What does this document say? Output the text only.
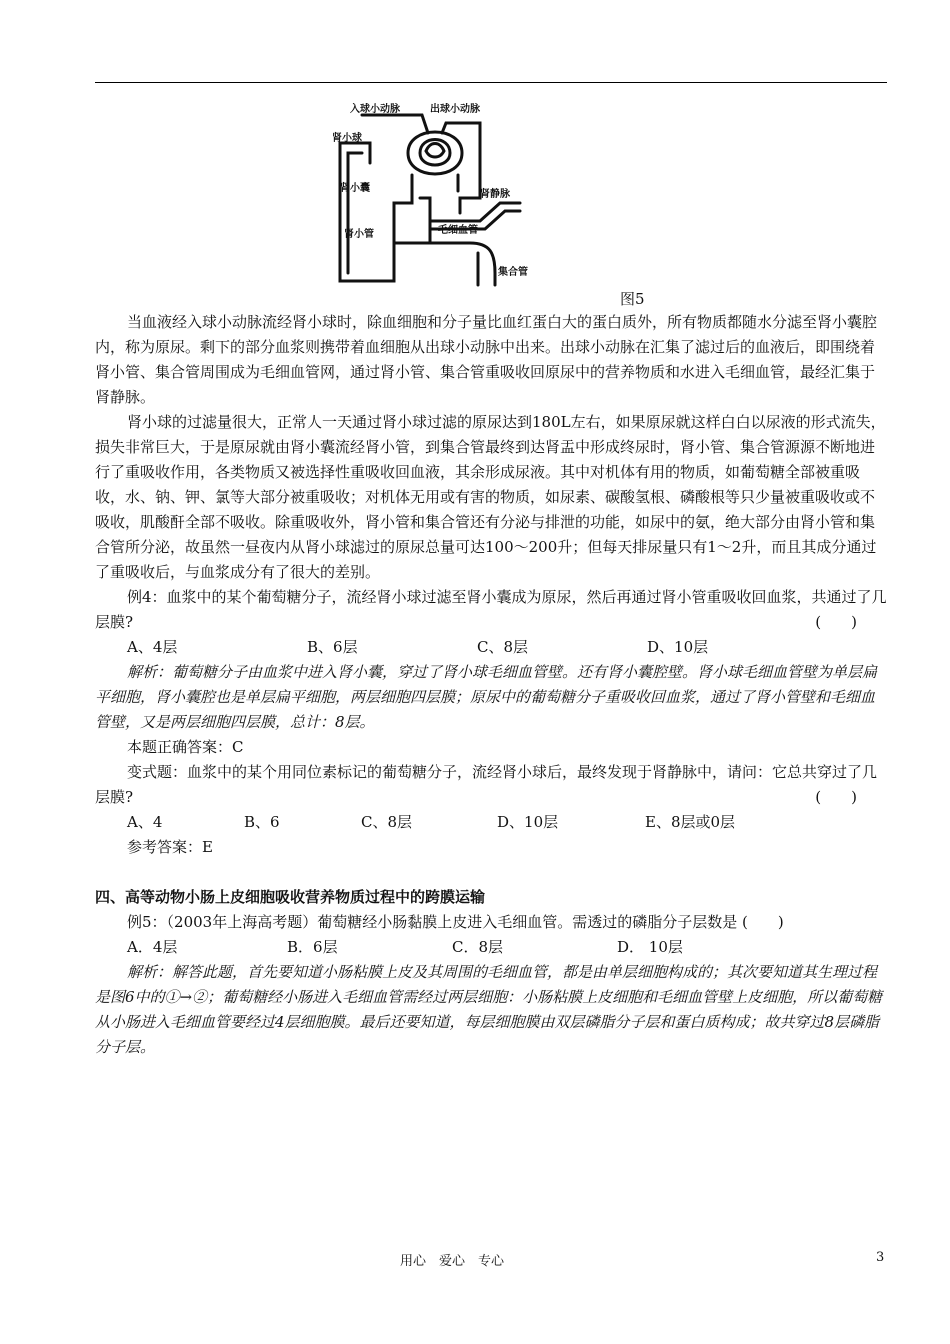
入球小动脉	出球小动脉
肾小球
肾小囊
肾静脉
毛细血管
肾小管
集合管
图5

当血液经入球小动脉流经肾小球时，除血细胞和分子量比血红蛋白大的蛋白质外，所有物质都随水分滤至肾小囊腔内，称为原尿。剩下的部分血浆则携带着血细胞从出球小动脉中出来。出球小动脉在汇集了滤过后的血液后，即围绕着肾小管、集合管周围成为毛细血管网，通过肾小管、集合管重吸收回原尿中的营养物质和水进入毛细血管，最经汇集于肾静脉。

肾小球的过滤量很大，正常人一天通过肾小球过滤的原尿达到180L左右，如果原尿就这样白白以尿液的形式流失，损失非常巨大，于是原尿就由肾小囊流经肾小管，到集合管最终到达肾盂中形成终尿时，肾小管、集合管源源不断地进行了重吸收作用，各类物质又被选择性重吸收回血液，其余形成尿液。其中对机体有用的物质，如葡萄糖全部被重吸收，水、钠、钾、氯等大部分被重吸收；对机体无用或有害的物质，如尿素、碳酸氢根、磷酸根等只少量被重吸收或不吸收，肌酸酐全部不吸收。除重吸收外，肾小管和集合管还有分泌与排泄的功能，如尿中的氨，绝大部分由肾小管和集合管所分泌，故虽然一昼夜内从肾小球滤过的原尿总量可达100～200升；但每天排尿量只有1～2升，而且其成分通过了重吸收后，与血浆成分有了很大的差别。

例4：血浆中的某个葡萄糖分子，流经肾小球过滤至肾小囊成为原尿，然后再通过肾小管重吸收回血浆，共通过了几层膜?	(　　)

A、4层	B、6层	C、8层	D、10层

解析：葡萄糖分子由血浆中进入肾小囊，穿过了肾小球毛细血管壁。还有肾小囊腔壁。肾小球毛细血管壁为单层扁平细胞，肾小囊腔也是单层扁平细胞，两层细胞四层膜；原尿中的葡萄糖分子重吸收回血浆，通过了肾小管壁和毛细血管壁，又是两层细胞四层膜，总计：8层。

本题正确答案：C

变式题：血浆中的某个用同位素标记的葡萄糖分子，流经肾小球后，最终发现于肾静脉中，请问：它总共穿过了几层膜?	(　　)

A、4	B、6	C、8层	D、10层	E、8层或0层

参考答案：E

四、高等动物小肠上皮细胞吸收营养物质过程中的跨膜运输

例5：（2003年上海高考题）葡萄糖经小肠黏膜上皮进入毛细血管。需透过的磷脂分子层数是 (　　)

A．4层	B．6层	C．8层	D． 10层

解析：解答此题，首先要知道小肠粘膜上皮及其周围的毛细血管，都是由单层细胞构成的；其次要知道其生理过程是图6中的①→②；葡萄糖经小肠进入毛细血管需经过两层细胞：小肠粘膜上皮细胞和毛细血管壁上皮细胞，所以葡萄糖从小肠进入毛细血管要经过4层细胞膜。最后还要知道，每层细胞膜由双层磷脂分子层和蛋白质构成；故共穿过8层磷脂分子层。

用心　爱心　专心	3
